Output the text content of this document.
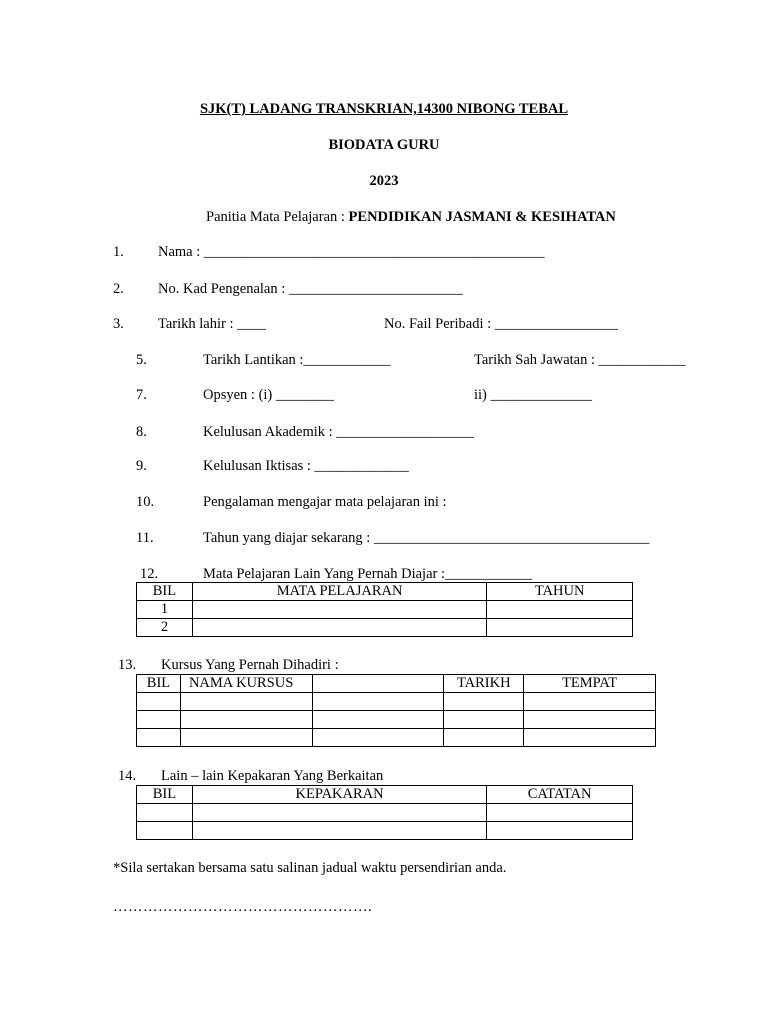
SJK(T) LADANG TRANSKRIAN,14300 NIBONG TEBAL
BIODATA GURU
2023
Panitia Mata Pelajaran : PENDIDIKAN JASMANI & KESIHATAN
1. Nama : _______________________________________________
2. No. Kad Pengenalan : ________________________
3. Tarikh lahir : ____	No. Fail Peribadi : _________________
5.	Tarikh Lantikan :____________	Tarikh Sah Jawatan : ____________
7.	Opsyen : (i) ________	ii) ______________
8.	Kelulusan Akademik : ___________________
9.	Kelulusan Iktisas : _____________
10.	Pengalaman mengajar mata pelajaran ini :
11.	Tahun yang diajar sekarang : ______________________________________
12.	Mata Pelajaran Lain Yang Pernah Diajar :____________
BIL	MATA PELAJARAN	TAHUN
1		
2		
13. Kursus Yang Pernah Dihadiri :
BIL	NAMA KURSUS		TARIKH	TEMPAT

14. Lain – lain Kepakaran Yang Berkaitan
BIL	KEPAKARAN	CATATAN

*Sila sertakan bersama satu salinan jadual waktu persendirian anda.
…………………………………………….
